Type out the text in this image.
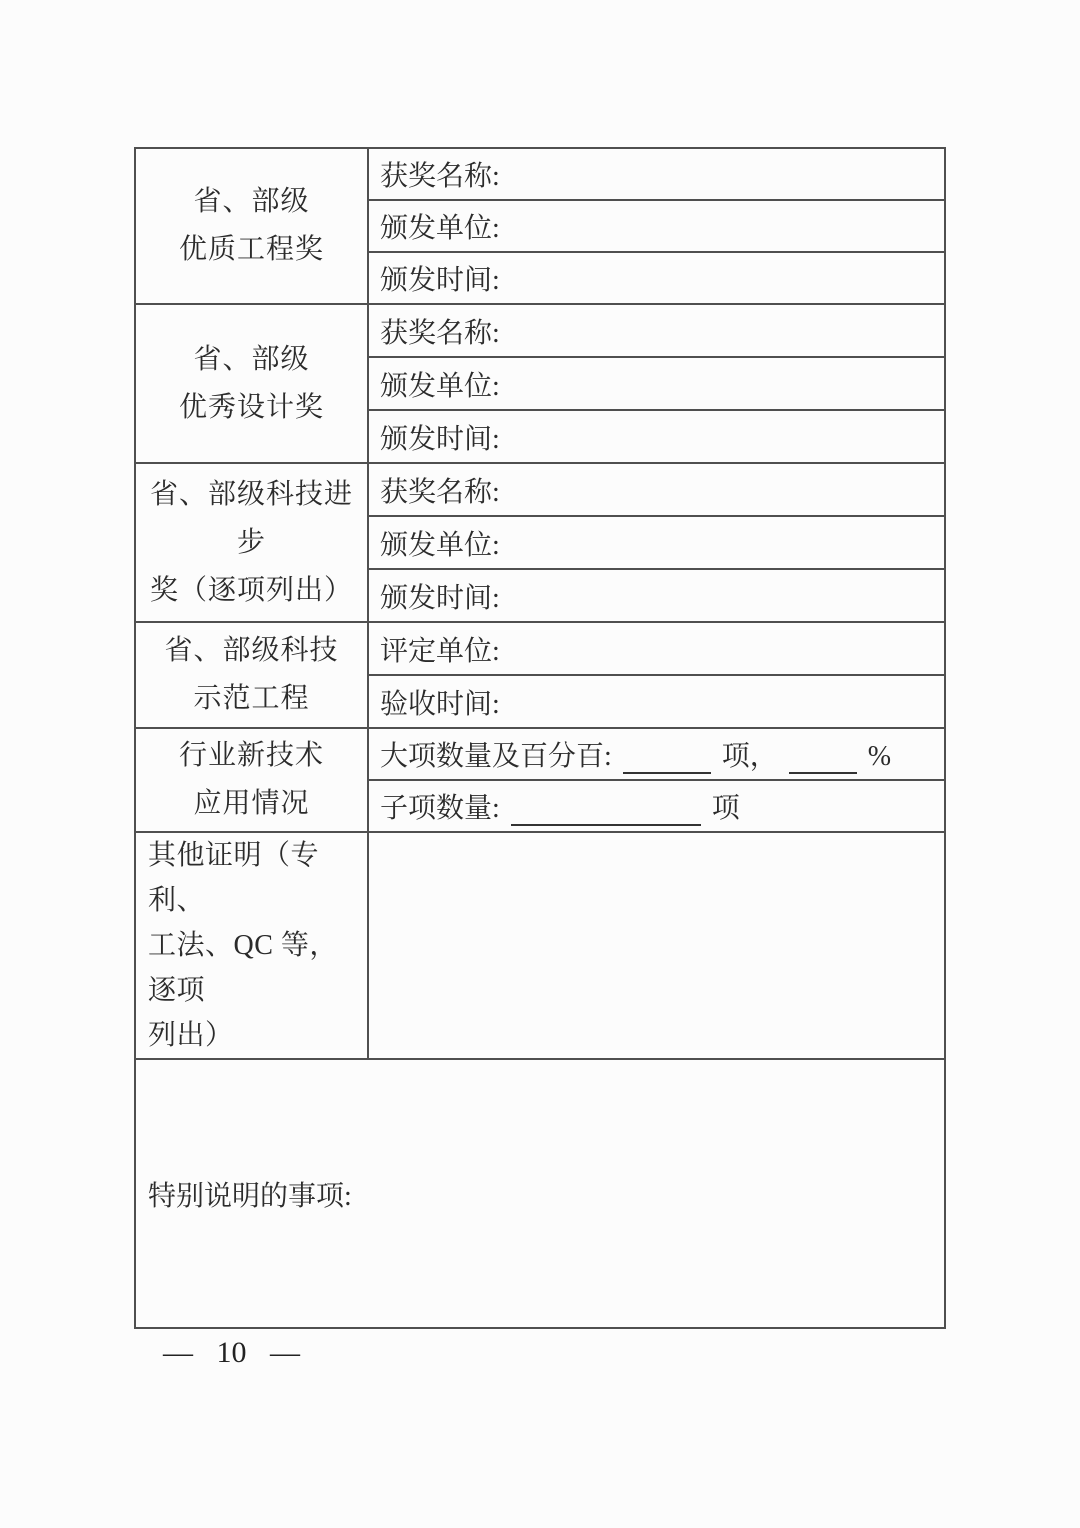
省、部级
优质工程奖	获奖名称:
	颁发单位:
	颁发时间:

省、部级
优秀设计奖	获奖名称:
	颁发单位:
	颁发时间:

省、部级科技进步
奖（逐项列出）	获奖名称:
	颁发单位:
	颁发时间:

省、部级科技
示范工程	评定单位:
	验收时间:

行业新技术
应用情况	大项数量及百分百: 项， %
	子项数量: 项

其他证明（专利、
工法、QC 等，逐项
列出）	

特别说明的事项:	
— 10 —
